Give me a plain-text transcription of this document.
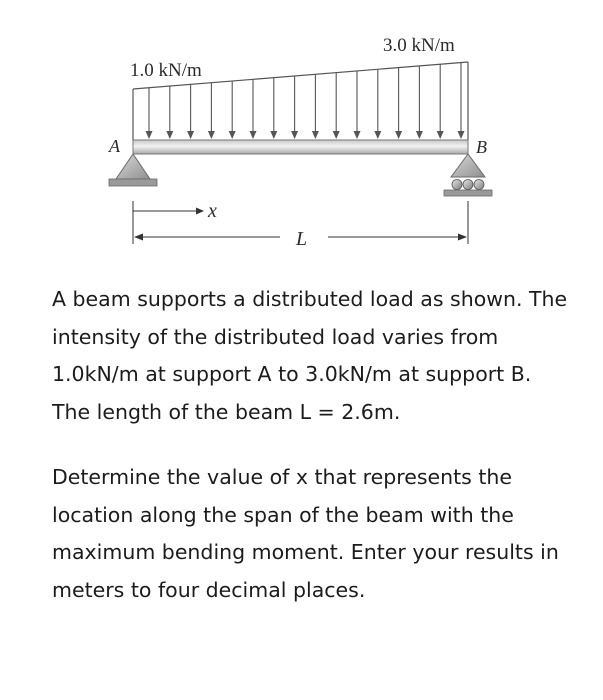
1.0 kN/m
3.0 kN/m
A	B
x
L

A beam supports a distributed load as shown. The intensity of the distributed load varies from 1.0kN/m at support A to 3.0kN/m at support B. The length of the beam L = 2.6m.

Determine the value of x that represents the location along the span of the beam with the maximum bending moment. Enter your results in meters to four decimal places.
